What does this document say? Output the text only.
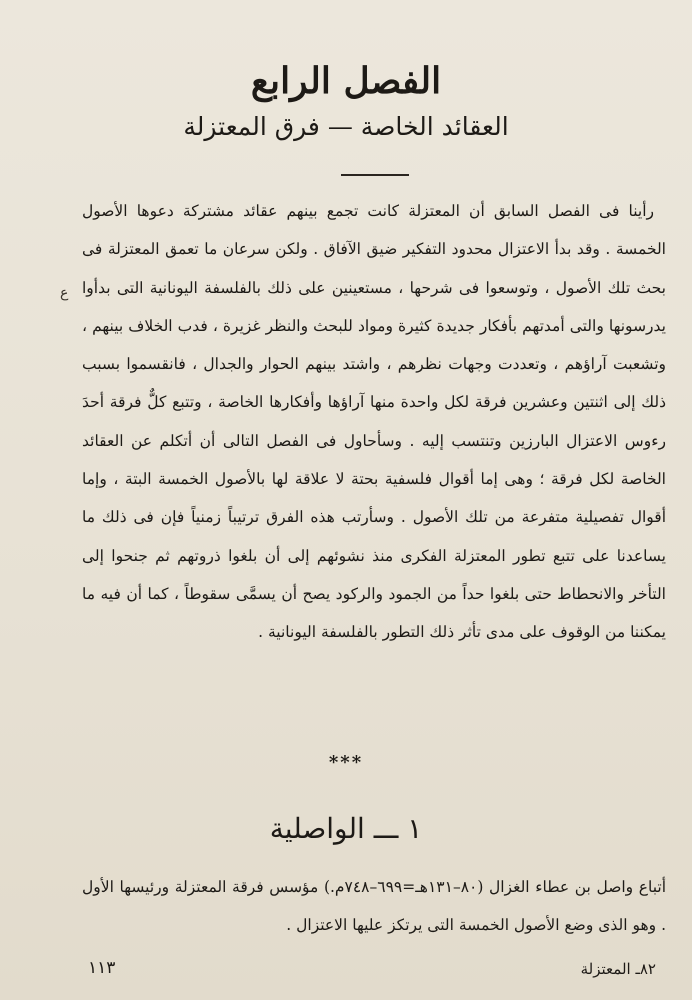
الفصل الرابع
العقائد الخاصة — فرق المعتزلة
ع

رأينا فى الفصل السابق أن المعتزلة كانت تجمع بينهم عقائد مشتركة دعوها الأصول الخمسة . وقد بدأ الاعتزال محدود التفكير ضيق الآفاق . ولكن سرعان ما تعمق المعتزلة فى بحث تلك الأصول ، وتوسعوا فى شرحها ، مستعينين على ذلك بالفلسفة اليونانية التى بدأوا يدرسونها والتى أمدتهم بأفكار جديدة كثيرة ومواد للبحث والنظر غزيرة ، فدب الخلاف بينهم ، وتشعبت آراؤهم ، وتعددت وجهات نظرهم ، واشتد بينهم الحوار والجدال ، فانقسموا بسبب ذلك إلى اثنتين وعشرين فرقة لكل واحدة منها آراؤها وأفكارها الخاصة ، وتتبع كلٌّ فرقة أحدَ رءوس الاعتزال البارزين وتنتسب إليه . وسأحاول فى الفصل التالى أن أتكلم عن العقائد الخاصة لكل فرقة ؛ وهى إما أقوال فلسفية بحتة لا علاقة لها بالأصول الخمسة البتة ، وإما أقوال تفصيلية متفرعة من تلك الأصول . وسأرتب هذه الفرق ترتيباً زمنياً فإن فى ذلك ما يساعدنا على تتبع تطور المعتزلة الفكرى منذ نشوئهم إلى أن بلغوا ذروتهم ثم جنحوا إلى التأخر والانحطاط حتى بلغوا حداً من الجمود والركود يصح أن يسمَّى سقوطاً ، كما أن فيه ما يمكننا من الوقوف على مدى تأثر ذلك التطور بالفلسفة اليونانية .

***
١ ـــ الواصلية

أتباع واصل بن عطاء الغزال (٨٠–١٣١هـ=٦٩٩–٧٤٨م.) مؤسس فرقة المعتزلة ورئيسها الأول . وهو الذى وضع الأصول الخمسة التى يرتكز عليها الاعتزال .

١١٣	٨٢ـ المعتزلة
